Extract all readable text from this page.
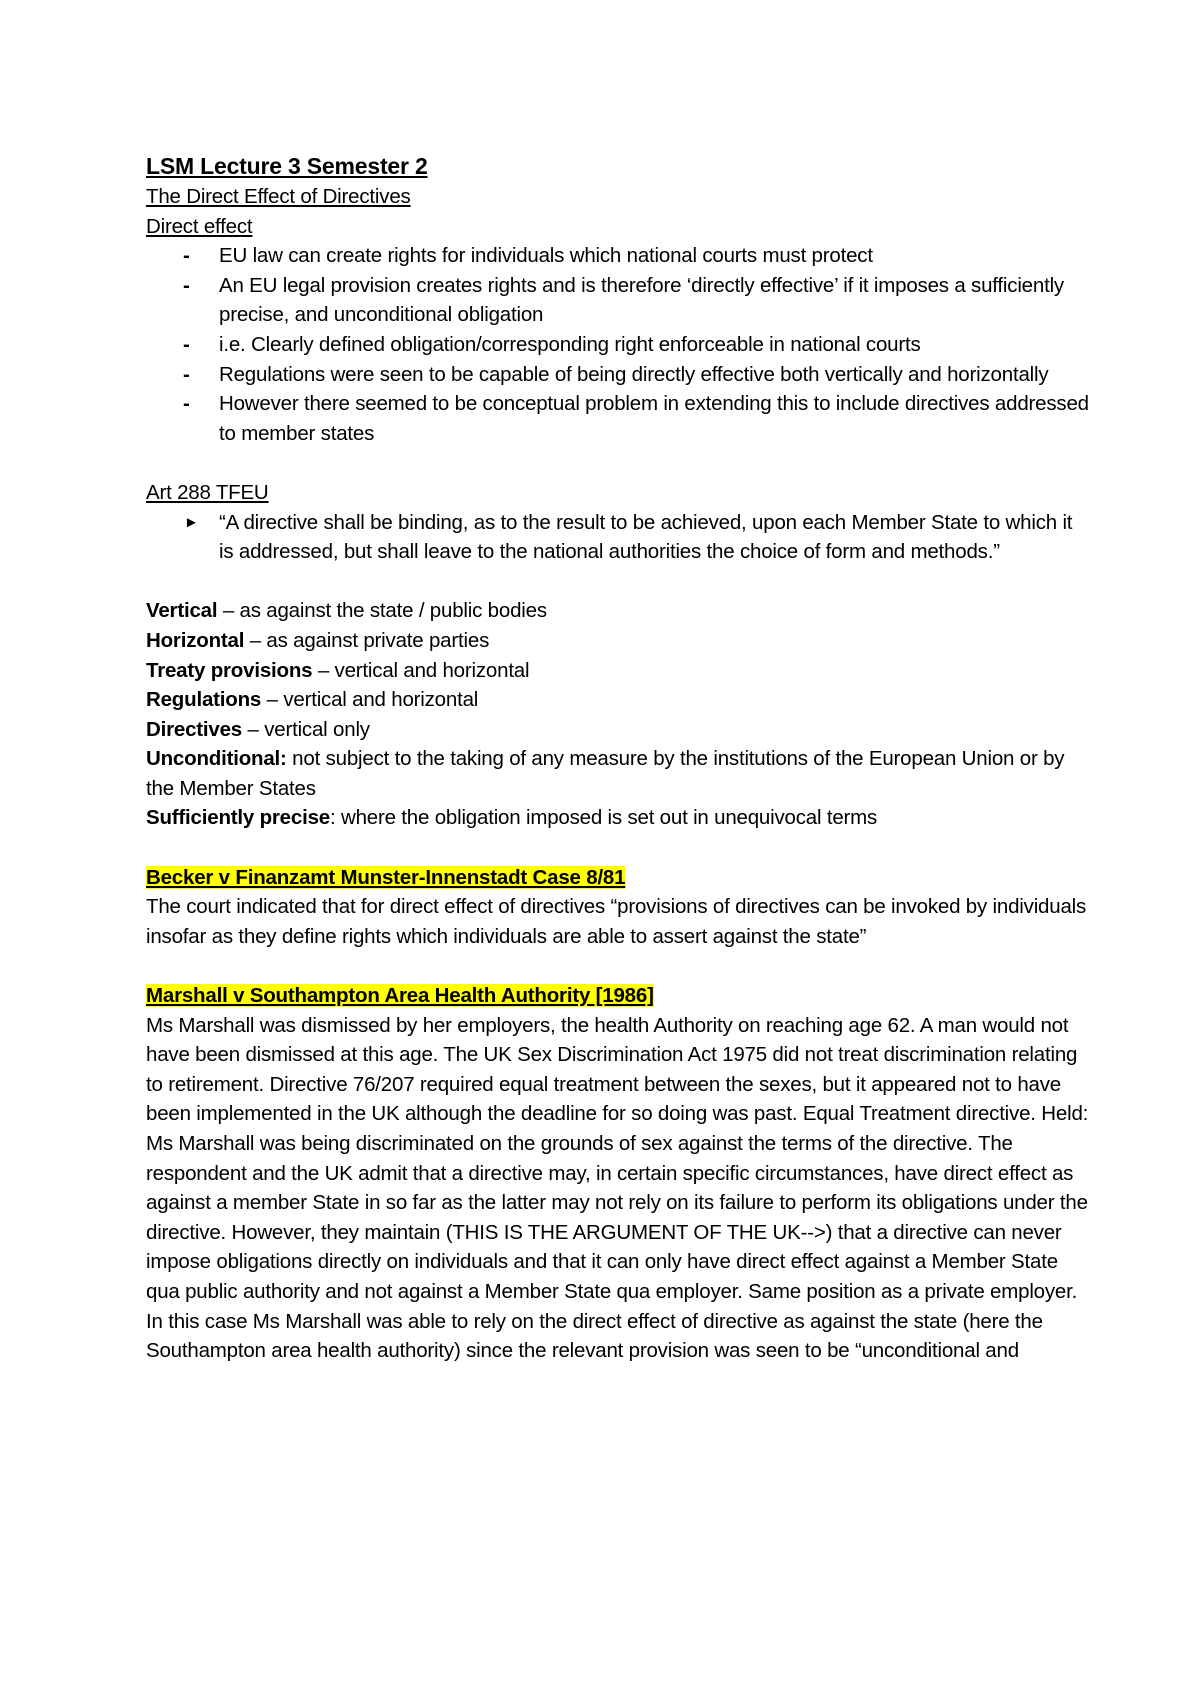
LSM Lecture 3 Semester 2

The Direct Effect of Directives

Direct effect

- EU law can create rights for individuals which national courts must protect
- An EU legal provision creates rights and is therefore ‘directly effective’ if it imposes a sufficiently precise, and unconditional obligation
- i.e. Clearly defined obligation/corresponding right enforceable in national courts
- Regulations were seen to be capable of being directly effective both vertically and horizontally
- However there seemed to be conceptual problem in extending this to include directives addressed to member states

Art 288 TFEU

► “A directive shall be binding, as to the result to be achieved, upon each Member State to which it is addressed, but shall leave to the national authorities the choice of form and methods.”

Vertical – as against the state / public bodies

Horizontal – as against private parties

Treaty provisions – vertical and horizontal

Regulations – vertical and horizontal

Directives – vertical only

Unconditional: not subject to the taking of any measure by the institutions of the European Union or by the Member States

Sufficiently precise: where the obligation imposed is set out in unequivocal terms

Becker v Finanzamt Munster-Innenstadt Case 8/81

The court indicated that for direct effect of directives “provisions of directives can be invoked by individuals insofar as they define rights which individuals are able to assert against the state”

Marshall v Southampton Area Health Authority [1986]

Ms Marshall was dismissed by her employers, the health Authority on reaching age 62. A man would not have been dismissed at this age. The UK Sex Discrimination Act 1975 did not treat discrimination relating to retirement. Directive 76/207 required equal treatment between the sexes, but it appeared not to have been implemented in the UK although the deadline for so doing was past. Equal Treatment directive. Held: Ms Marshall was being discriminated on the grounds of sex against the terms of the directive. The respondent and the UK admit that a directive may, in certain specific circumstances, have direct effect as against a member State in so far as the latter may not rely on its failure to perform its obligations under the directive. However, they maintain (THIS IS THE ARGUMENT OF THE UK-->) that a directive can never impose obligations directly on individuals and that it can only have direct effect against a Member State qua public authority and not against a Member State qua employer. Same position as a private employer. In this case Ms Marshall was able to rely on the direct effect of directive as against the state (here the Southampton area health authority) since the relevant provision was seen to be “unconditional and
